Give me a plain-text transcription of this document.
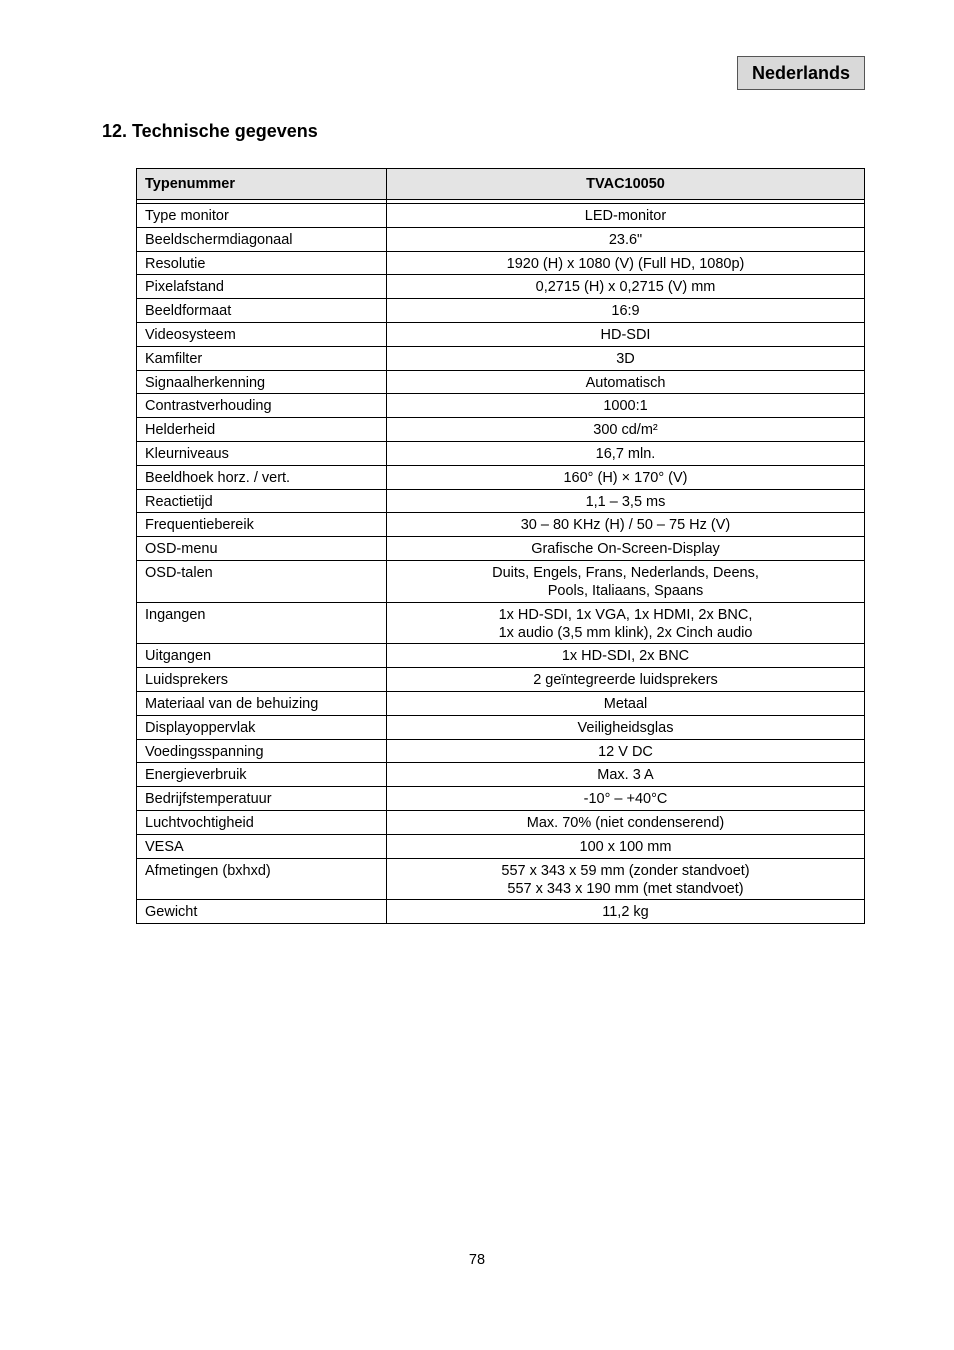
Nederlands
12. Technische gegevens
Typenummer	TVAC10050

Type monitor	LED-monitor

Beeldschermdiagonaal	23.6"

Resolutie	1920 (H) x 1080 (V) (Full HD, 1080p)

Pixelafstand	0,2715 (H) x 0,2715 (V) mm

Beeldformaat	16:9

Videosysteem	HD-SDI

Kamfilter	3D

Signaalherkenning	Automatisch

Contrastverhouding	1000:1

Helderheid	300 cd/m²

Kleurniveaus	16,7 mln.

Beeldhoek horz. / vert.	160° (H) × 170° (V)

Reactietijd	1,1 – 3,5 ms

Frequentiebereik	30 – 80 KHz (H) / 50 – 75 Hz (V)

OSD-menu	Grafische On-Screen-Display

OSD-talen	Duits, Engels, Frans, Nederlands, Deens,
Pools, Italiaans, Spaans

Ingangen	1x HD-SDI, 1x VGA, 1x HDMI, 2x BNC,
1x audio (3,5 mm klink), 2x Cinch audio

Uitgangen	1x HD-SDI, 2x BNC

Luidsprekers	2 geïntegreerde luidsprekers

Materiaal van de behuizing	Metaal

Displayoppervlak	Veiligheidsglas

Voedingsspanning	12 V DC

Energieverbruik	Max. 3 A

Bedrijfstemperatuur	-10° – +40°C

Luchtvochtigheid	Max. 70% (niet condenserend)

VESA	100 x 100 mm

Afmetingen (bxhxd)	557 x 343 x 59 mm (zonder standvoet)
557 x 343 x 190 mm (met standvoet)

Gewicht	11,2 kg
78
